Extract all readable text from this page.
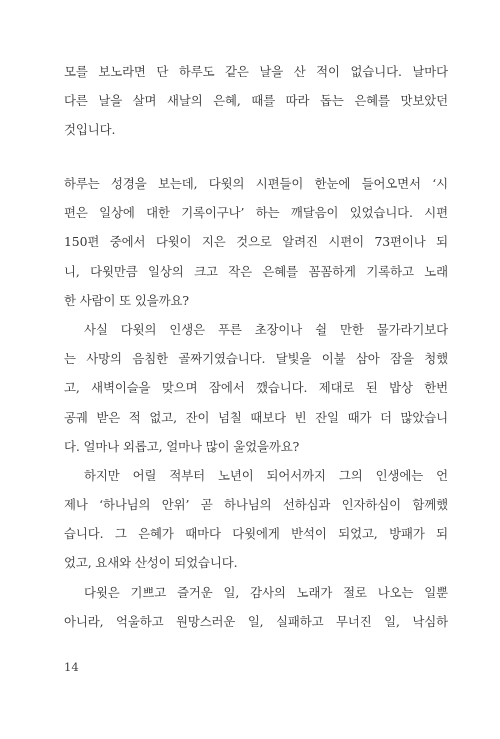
모를 보노라면 단 하루도 같은 날을 산 적이 없습니다. 날마다
다른 날을 살며 새날의 은혜, 때를 따라 돕는 은혜를 맛보았던
것입니다.

하루는 성경을 보는데, 다윗의 시편들이 한눈에 들어오면서 ‘시
편은 일상에 대한 기록이구나’ 하는 깨달음이 있었습니다. 시편
150편 중에서 다윗이 지은 것으로 알려진 시편이 73편이나 되
니, 다윗만큼 일상의 크고 작은 은혜를 꼼꼼하게 기록하고 노래
한 사람이 또 있을까요?

사실 다윗의 인생은 푸른 초장이나 쉴 만한 물가라기보다
는 사망의 음침한 골짜기였습니다. 달빛을 이불 삼아 잠을 청했
고, 새벽이슬을 맞으며 잠에서 깼습니다. 제대로 된 밥상 한번
공궤 받은 적 없고, 잔이 넘칠 때보다 빈 잔일 때가 더 많았습니
다. 얼마나 외롭고, 얼마나 많이 울었을까요?

하지만 어릴 적부터 노년이 되어서까지 그의 인생에는 언
제나 ‘하나님의 안위’ 곧 하나님의 선하심과 인자하심이 함께했
습니다. 그 은혜가 때마다 다윗에게 반석이 되었고, 방패가 되
었고, 요새와 산성이 되었습니다.

다윗은 기쁘고 즐거운 일, 감사의 노래가 절로 나오는 일뿐
아니라, 억울하고 원망스러운 일, 실패하고 무너진 일, 낙심하

14
